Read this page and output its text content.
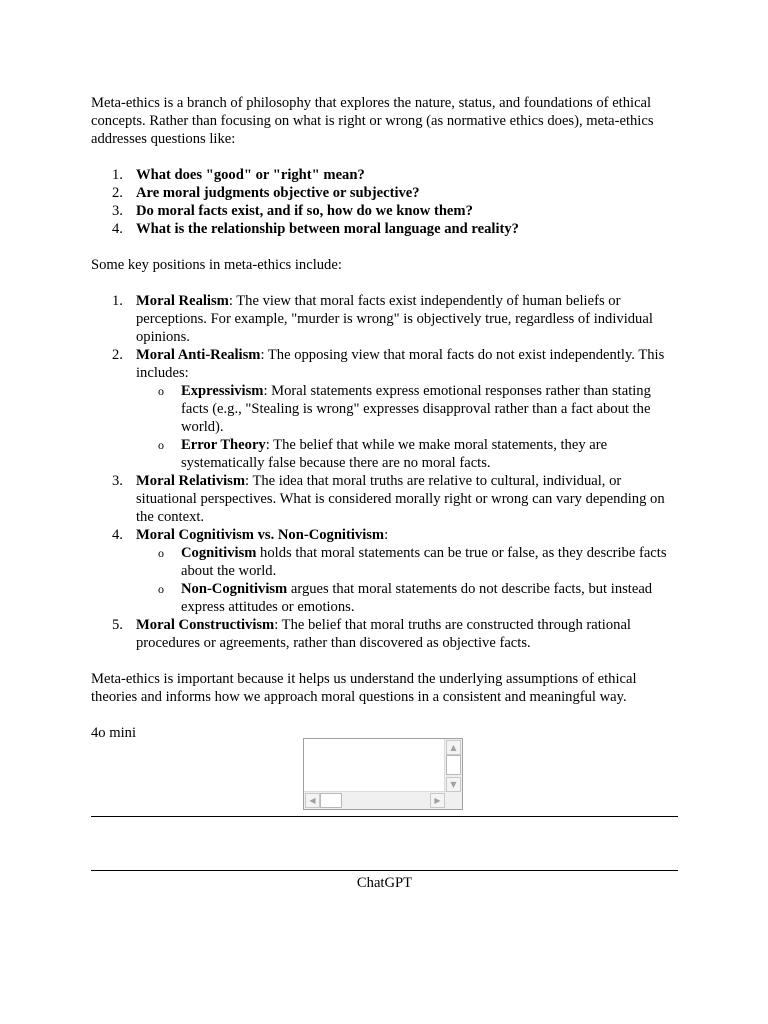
Meta-ethics is a branch of philosophy that explores the nature, status, and foundations of ethical concepts. Rather than focusing on what is right or wrong (as normative ethics does), meta-ethics addresses questions like:

1. What does "good" or "right" mean?
2. Are moral judgments objective or subjective?
3. Do moral facts exist, and if so, how do we know them?
4. What is the relationship between moral language and reality?

Some key positions in meta-ethics include:

1. Moral Realism: The view that moral facts exist independently of human beliefs or perceptions. For example, "murder is wrong" is objectively true, regardless of individual opinions.
2. Moral Anti-Realism: The opposing view that moral facts do not exist independently. This includes:
o Expressivism: Moral statements express emotional responses rather than stating facts (e.g., "Stealing is wrong" expresses disapproval rather than a fact about the world).
o Error Theory: The belief that while we make moral statements, they are systematically false because there are no moral facts.
3. Moral Relativism: The idea that moral truths are relative to cultural, individual, or situational perspectives. What is considered morally right or wrong can vary depending on the context.
4. Moral Cognitivism vs. Non-Cognitivism:
o Cognitivism holds that moral statements can be true or false, as they describe facts about the world.
o Non-Cognitivism argues that moral statements do not describe facts, but instead express attitudes or emotions.
5. Moral Constructivism: The belief that moral truths are constructed through rational procedures or agreements, rather than discovered as objective facts.

Meta-ethics is important because it helps us understand the underlying assumptions of ethical theories and informs how we approach moral questions in a consistent and meaningful way.

4o mini

▲
▼
◀	▶
ChatGPT
